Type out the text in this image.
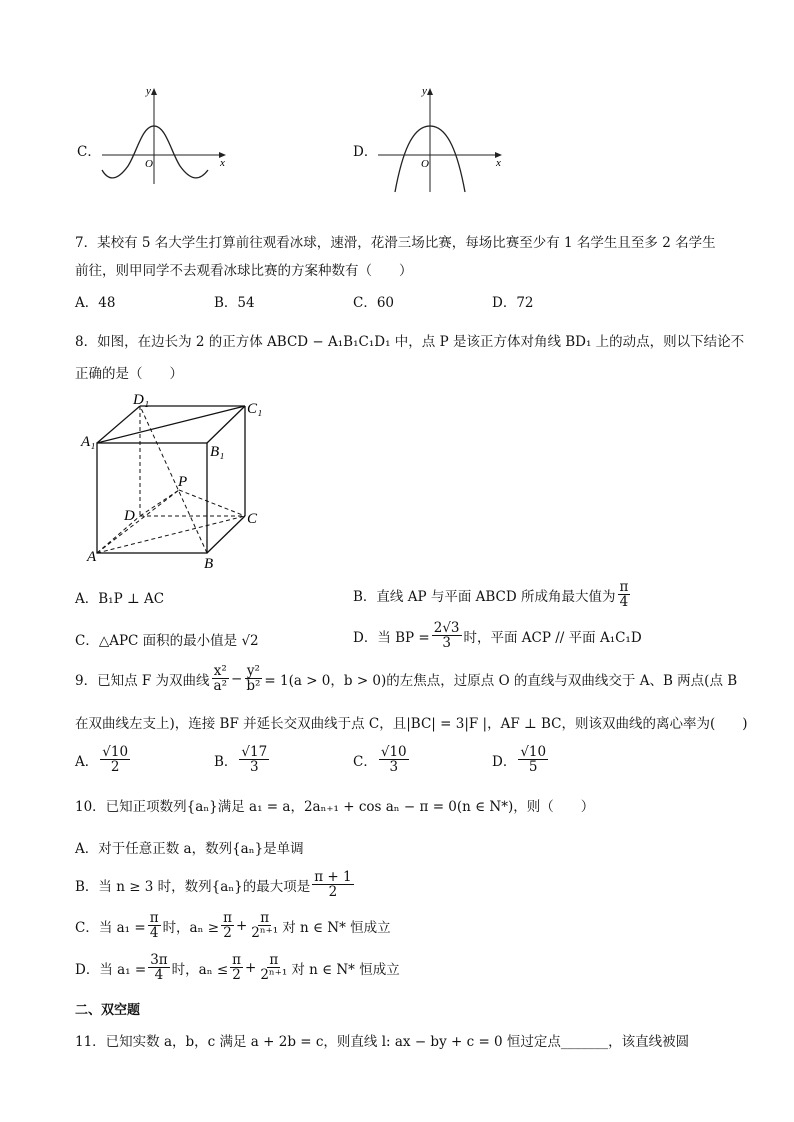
C．
y
x
O
D．
y
x
O
7．某校有 5 名大学生打算前往观看冰球，速滑，花滑三场比赛，每场比赛至少有 1 名学生且至多 2 名学生
前往，则甲同学不去观看冰球比赛的方案种数有（　　）
A．48	B．54	C．60	D．72
8．如图，在边长为 2 的正方体 ABCD − A₁B₁C₁D₁ 中，点 P 是该正方体对角线 BD₁ 上的动点，则以下结论不
正确的是（　　）
D₁
C₁
A₁
B₁
P
D	C
A	B
A．B₁P ⊥ AC	B．直线 AP 与平面 ABCD 所成角最大值为 $\frac{\pi}{4}$
C．△APC 面积的最小值是 √2	D．当 BP = $\frac{2√3}{3}$ 时，平面 ACP // 平面 A₁C₁D
9．已知点 F 为双曲线 $\frac{\text{x²}}{\text{a²}} - \frac{\text{y²}}{\text{b²}} = 1(a > 0$，b > 0)的左焦点，过原点 O 的直线与双曲线交于 A、B 两点(点 B
在双曲线左支上)，连接 BF 并延长交双曲线于点 C，且|BC| = 3|F |，AF ⊥ BC，则该双曲线的离心率为(　　)
A． $\frac{√10}{2}$	B． $\frac{√17}{3}$	C． $\frac{√10}{3}$	D． $\frac{√10}{5}$
10．已知正项数列{aₙ}满足 a₁ = a，2aₙ₊₁ + cos aₙ − π = 0(n ∈ N*)，则（　　）
A．对于任意正数 a，数列{aₙ}是单调
B．当 n ≥ 3 时，数列{aₙ}的最大项是 $\frac{\pi + 1}{2}$
C．当 $a_1 = \frac{\pi}{4}$ 时，$a_n \ge \frac{\pi}{2} + \frac{\pi}{\text{2ⁿ⁺¹}}$ 对 n ∈ N* 恒成立
D．当 $a_1 = \frac{3\pi}{4}$ 时，$a_n \le \frac{\pi}{2} + \frac{\pi}{\text{2ⁿ⁺¹}}$ 对 n ∈ N* 恒成立
二、双空题
11．已知实数 a，b，c 满足 a + 2b = c，则直线 l: ax − by + c = 0 恒过定点_______，该直线被圆
